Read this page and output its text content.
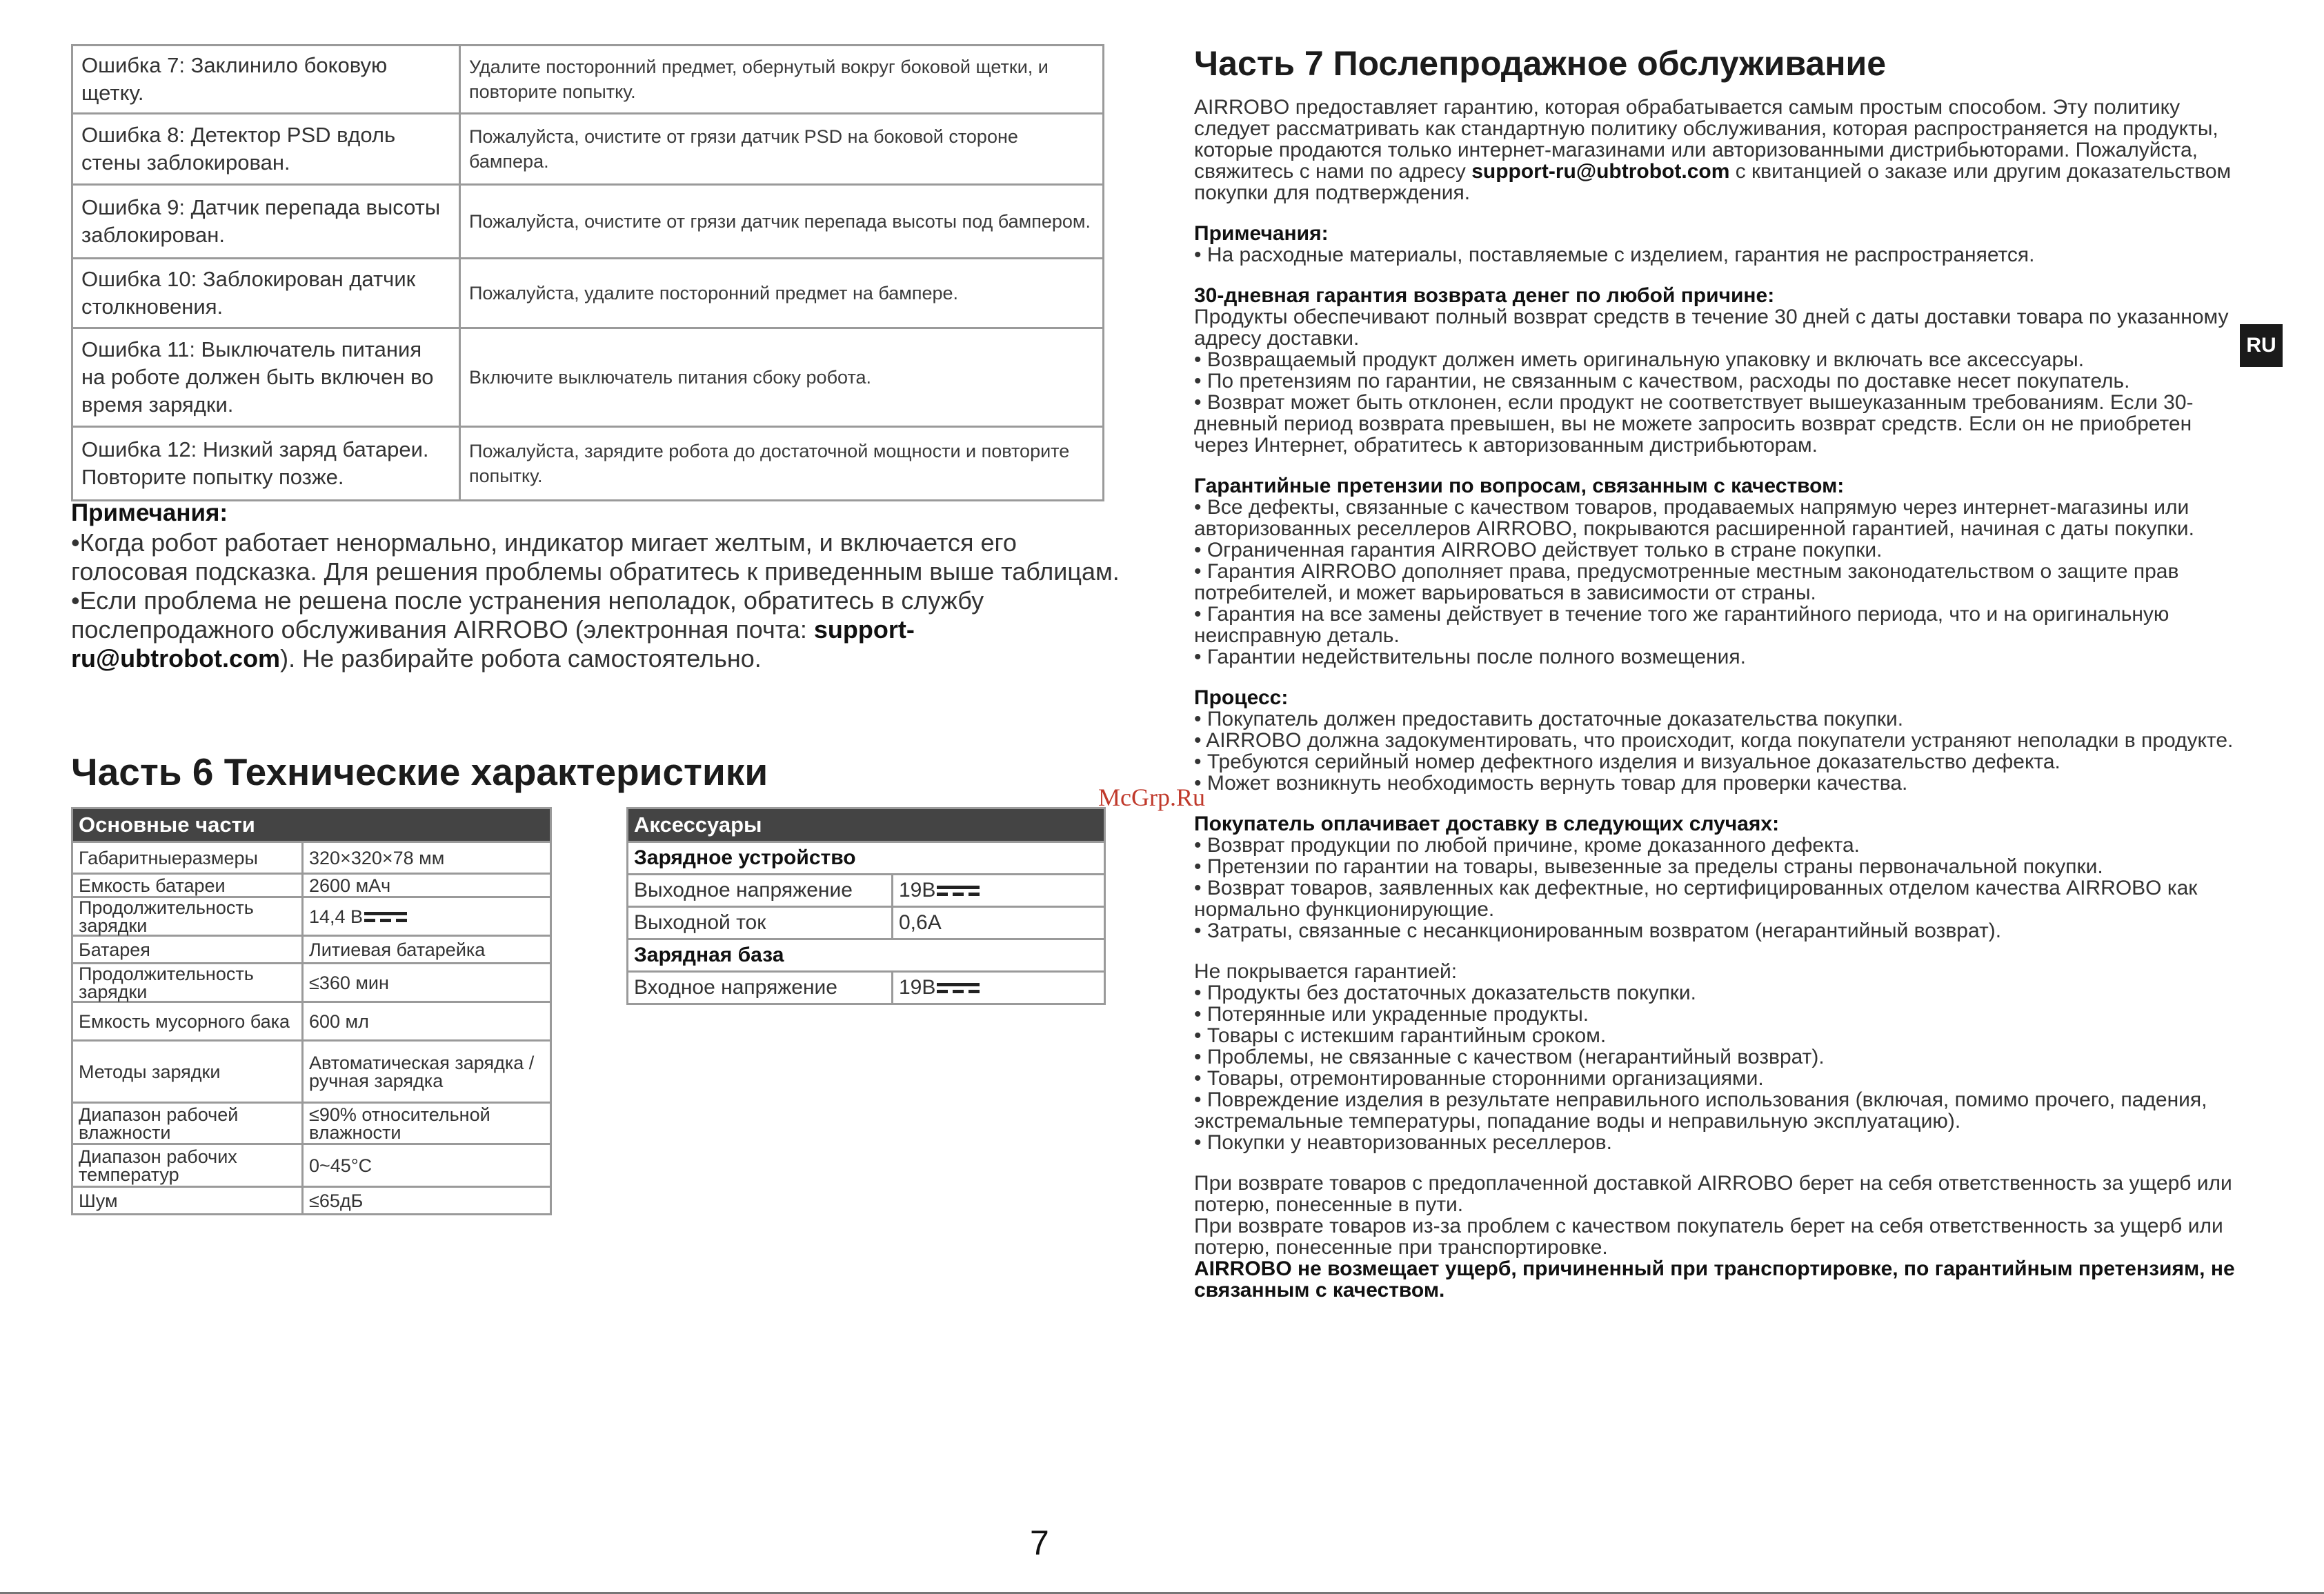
Ошибка 7: Заклинило боковую щетку.	Удалите посторонний предмет, обернутый вокруг боковой щетки, и повторите попытку.
Ошибка 8: Детектор PSD вдоль стены заблокирован.	Пожалуйста, очистите от грязи датчик PSD на боковой стороне бампера.
Ошибка 9: Датчик перепада высоты заблокирован.	Пожалуйста, очистите от грязи датчик перепада высоты под бампером.
Ошибка 10: Заблокирован датчик столкновения.	Пожалуйста, удалите посторонний предмет на бампере.
Ошибка 11: Выключатель питания на роботе должен быть включен во время зарядки.	Включите выключатель питания сбоку робота.
Ошибка 12: Низкий заряд батареи. Повторите попытку позже.	Пожалуйста, зарядите робота до достаточной мощности и повторите попытку.
Примечания:
•Когда робот работает ненормально, индикатор мигает желтым, и включается его голосовая подсказка. Для решения проблемы обратитесь к приведенным выше таблицам.
•Если проблема не решена после устранения неполадок, обратитесь в службу послепродажного обслуживания AIRROBO (электронная почта: support-ru@ubtrobot.com). Не разбирайте робота самостоятельно.
Часть 6 Технические характеристики
Основные части	
Габаритныеразмеры	320×320×78 мм
Емкость батареи	2600 мАч
Продолжительность зарядки	14,4 В
Батарея	Литиевая батарейка
Продолжительность зарядки	≤360 мин
Емкость мусорного бака	600 мл
Методы зарядки	Автоматическая зарядка / ручная зарядка
Диапазон рабочей влажности	≤90% относительной влажности
Диапазон рабочих температур	0~45°C
Шум	≤65дБ
Аксессуары	
Зарядное устройство	
Выходное напряжение	19В
Выходной ток	0,6А
Зарядная база	
Входное напряжение	19В
McGrp.Ru
Часть 7 Послепродажное обслуживание

AIRROBO предоставляет гарантию, которая обрабатывается самым простым способом. Эту политику следует рассматривать как стандартную политику обслуживания, которая распространяется на продукты, которые продаются только интернет-магазинами или авторизованными дистрибьюторами. Пожалуйста, свяжитесь с нами по адресу support-ru@ubtrobot.com с квитанцией о заказе или другим доказательством покупки для подтверждения.

Примечания:

• На расходные материалы, поставляемые с изделием, гарантия не распространяется.

30-дневная гарантия возврата денег по любой причине:

Продукты обеспечивают полный возврат средств в течение 30 дней с даты доставки товара по указанному адресу доставки.

• Возвращаемый продукт должен иметь оригинальную упаковку и включать все аксессуары.

• По претензиям по гарантии, не связанным с качеством, расходы по доставке несет покупатель.

• Возврат может быть отклонен, если продукт не соответствует вышеуказанным требованиям. Если 30-дневный период возврата превышен, вы не можете запросить возврат средств. Если он не приобретен через Интернет, обратитесь к авторизованным дистрибьюторам.

Гарантийные претензии по вопросам, связанным с качеством:

• Все дефекты, связанные с качеством товаров, продаваемых напрямую через интернет-магазины или авторизованных реселлеров AIRROBO, покрываются расширенной гарантией, начиная с даты покупки.

• Ограниченная гарантия AIRROBO действует только в стране покупки.

• Гарантия AIRROBO дополняет права, предусмотренные местным законодательством о защите прав потребителей, и может варьироваться в зависимости от страны.

• Гарантия на все замены действует в течение того же гарантийного периода, что и на оригинальную неисправную деталь.

• Гарантии недействительны после полного возмещения.

Процесс:

• Покупатель должен предоставить достаточные доказательства покупки.

• AIRROBO должна задокументировать, что происходит, когда покупатели устраняют неполадки в продукте.

• Требуются серийный номер дефектного изделия и визуальное доказательство дефекта.

• Может возникнуть необходимость вернуть товар для проверки качества.

Покупатель оплачивает доставку в следующих случаях:

• Возврат продукции по любой причине, кроме доказанного дефекта.

• Претензии по гарантии на товары, вывезенные за пределы страны первоначальной покупки.

• Возврат товаров, заявленных как дефектные, но сертифицированных отделом качества AIRROBO как нормально функционирующие.

• Затраты, связанные с несанкционированным возвратом (негарантийный возврат).

Не покрывается гарантией:

• Продукты без достаточных доказательств покупки.

• Потерянные или украденные продукты.

• Товары с истекшим гарантийным сроком.

• Проблемы, не связанные с качеством (негарантийный возврат).

• Товары, отремонтированные сторонними организациями.

• Повреждение изделия в результате неправильного использования (включая, помимо прочего, падения, экстремальные температуры, попадание воды и неправильную эксплуатацию).

• Покупки у неавторизованных реселлеров.

При возврате товаров с предоплаченной доставкой AIRROBO берет на себя ответственность за ущерб или потерю, понесенные в пути.

При возврате товаров из-за проблем с качеством покупатель берет на себя ответственность за ущерб или потерю, понесенные при транспортировке.

AIRROBO не возмещает ущерб, причиненный при транспортировке, по гарантийным претензиям, не связанным с качеством.

RU
7
